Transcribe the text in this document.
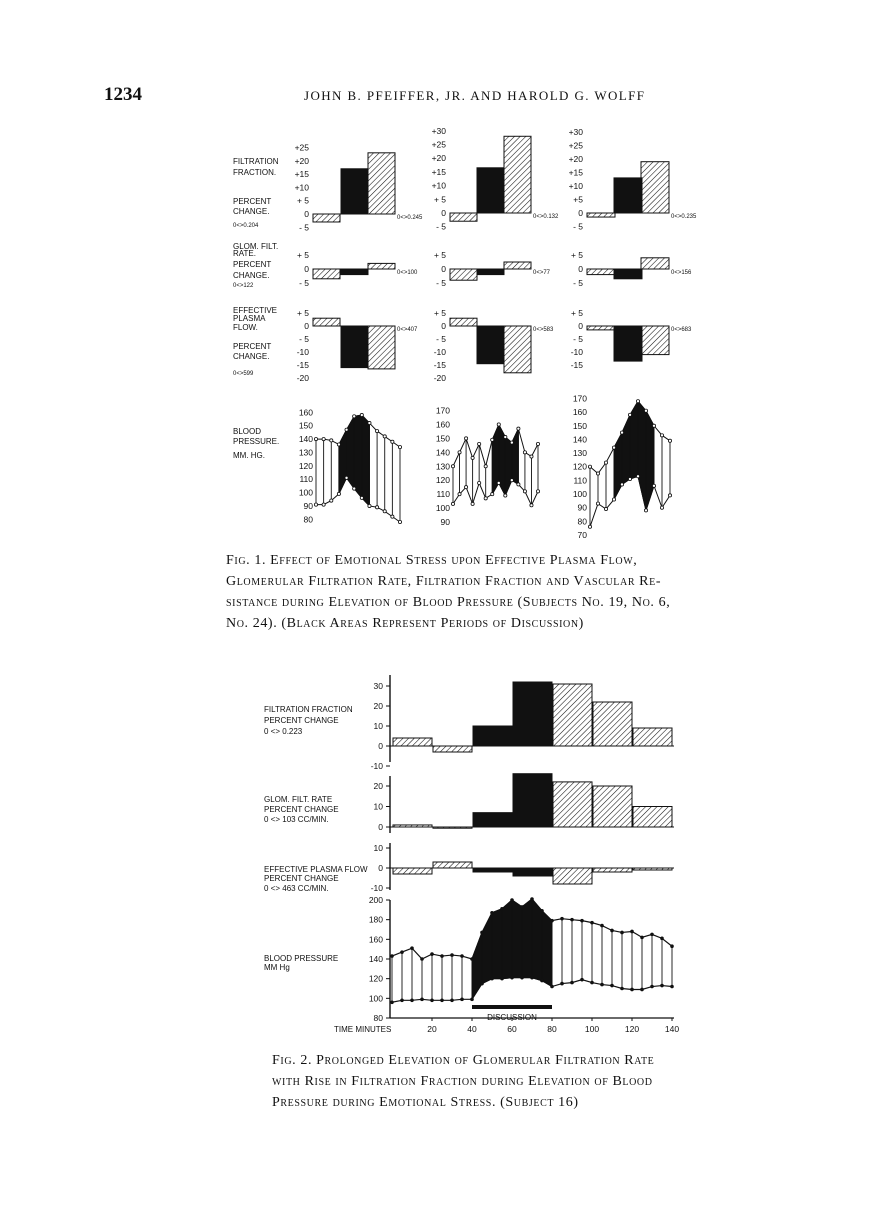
1234	JOHN B. PFEIFFER, JR. AND HAROLD G. WOLFF
FILTRATION
FRACTION.
PERCENT
CHANGE.
GLOM. FILT.
RATE.
PERCENT
CHANGE.
EFFECTIVE
PLASMA
FLOW.
PERCENT
CHANGE.
BLOOD
PRESSURE.
MM. HG.
0<>0.204
0<>122
0<>599
+25
+20
+15
+10
+ 5
0
- 5
0<>0.245
+ 5
0
- 5
0<>100
+ 5
0
- 5
-10
-15
-20
0<>407
160
150
140
130
120
110
100
90
80
+30
+25
+20
+15
+10
+ 5
0
- 5
0<>0.132
+ 5
0
- 5
0<>77
+ 5
0
- 5
-10
-15
-20
0<>583
170
160
150
140
130
120
110
100
90
+30
+25
+20
+15
+10
+5
0
- 5
0<>0.235
+ 5
0
- 5
0<>156
+ 5
0
- 5
-10
-15
0<>683
170
160
150
140
130
120
110
100
90
80
70
Fig. 1. Effect of Emotional Stress upon Effective Plasma Flow,
Glomerular Filtration Rate, Filtration Fraction and Vascular Re-
sistance during Elevation of Blood Pressure (Subjects No. 19, No. 6,
No. 24). (Black Areas Represent Periods of Discussion)
FILTRATION FRACTION
PERCENT CHANGE
0 <> 0.223
GLOM. FILT. RATE
PERCENT CHANGE
0 <> 103 CC/MIN.
EFFECTIVE PLASMA FLOW
PERCENT CHANGE
0 <> 463 CC/MIN.
BLOOD PRESSURE
MM Hg
30
20
10
0
-10
20
10
0
10
0
-10
200
180
160
140
120
100
80	DISCUSSION
20	40	60	80	100	120	140
TIME MINUTES
Fig. 2. Prolonged Elevation of Glomerular Filtration Rate
with Rise in Filtration Fraction during Elevation of Blood
Pressure during Emotional Stress. (Subject 16)
